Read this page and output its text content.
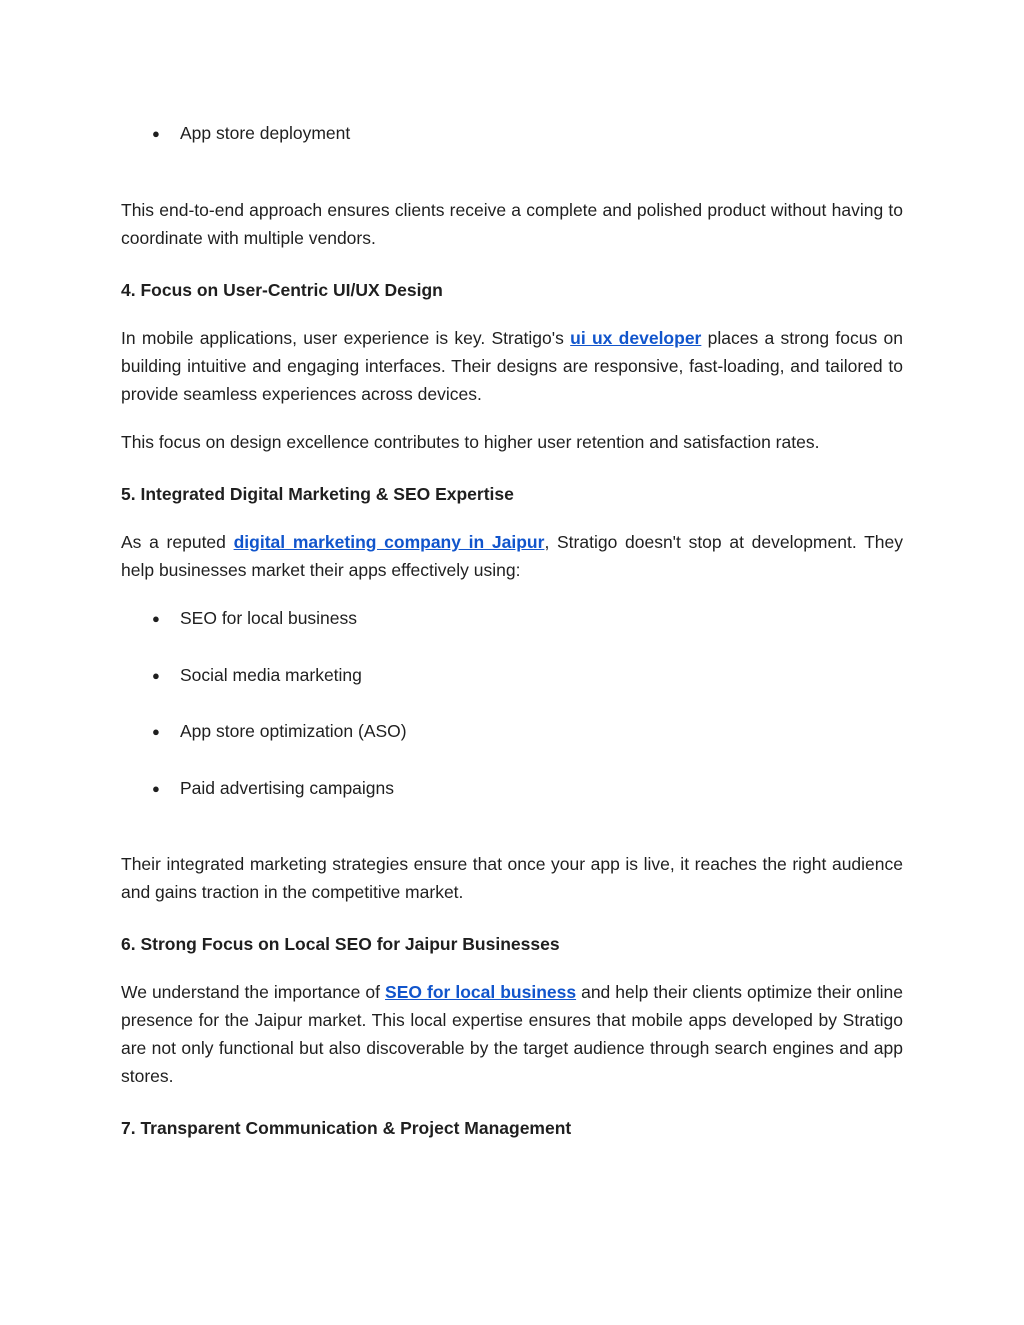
● App store deployment

This end-to-end approach ensures clients receive a complete and polished product without having to coordinate with multiple vendors.

4. Focus on User-Centric UI/UX Design

In mobile applications, user experience is key. Stratigo's ui ux developer places a strong focus on building intuitive and engaging interfaces. Their designs are responsive, fast-loading, and tailored to provide seamless experiences across devices.

This focus on design excellence contributes to higher user retention and satisfaction rates.

5. Integrated Digital Marketing & SEO Expertise

As a reputed digital marketing company in Jaipur, Stratigo doesn't stop at development. They help businesses market their apps effectively using:

● SEO for local business
● Social media marketing
● App store optimization (ASO)
● Paid advertising campaigns

Their integrated marketing strategies ensure that once your app is live, it reaches the right audience and gains traction in the competitive market.

6. Strong Focus on Local SEO for Jaipur Businesses

We understand the importance of SEO for local business and help their clients optimize their online presence for the Jaipur market. This local expertise ensures that mobile apps developed by Stratigo are not only functional but also discoverable by the target audience through search engines and app stores.

7. Transparent Communication & Project Management
